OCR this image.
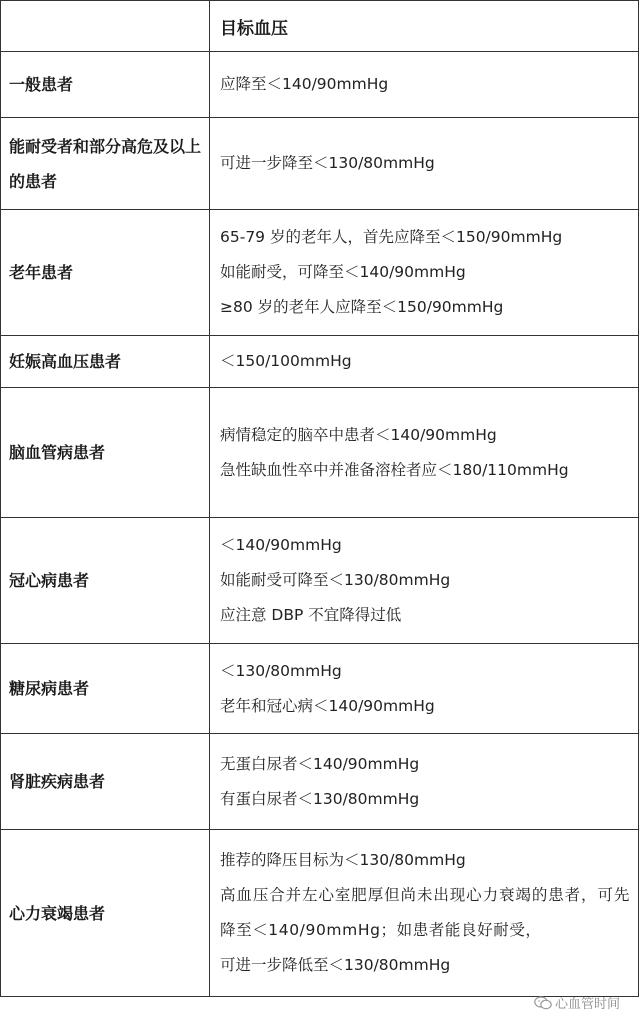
	目标血压
一般患者	应降至＜140/90mmHg

能耐受者和部分高危及以上的患者	可进一步降至＜130/80mmHg

老年患者	65-79 岁的老年人，首先应降至＜150/90mmHg
如能耐受，可降至＜140/90mmHg
≥80 岁的老年人应降至＜150/90mmHg

妊娠高血压患者	＜150/100mmHg

脑血管病患者	病情稳定的脑卒中患者＜140/90mmHg
急性缺血性卒中并准备溶栓者应＜180/110mmHg

冠心病患者	＜140/90mmHg
如能耐受可降至＜130/80mmHg
应注意 DBP 不宜降得过低

糖尿病患者	＜130/80mmHg
老年和冠心病＜140/90mmHg

肾脏疾病患者	无蛋白尿者＜140/90mmHg
有蛋白尿者＜130/80mmHg

心力衰竭患者	推荐的降压目标为＜130/80mmHg
高血压合并左心室肥厚但尚未出现心力衰竭的患者，可先降至＜140/90mmHg；如患者能良好耐受，
可进一步降低至＜130/80mmHg
心血管时间
